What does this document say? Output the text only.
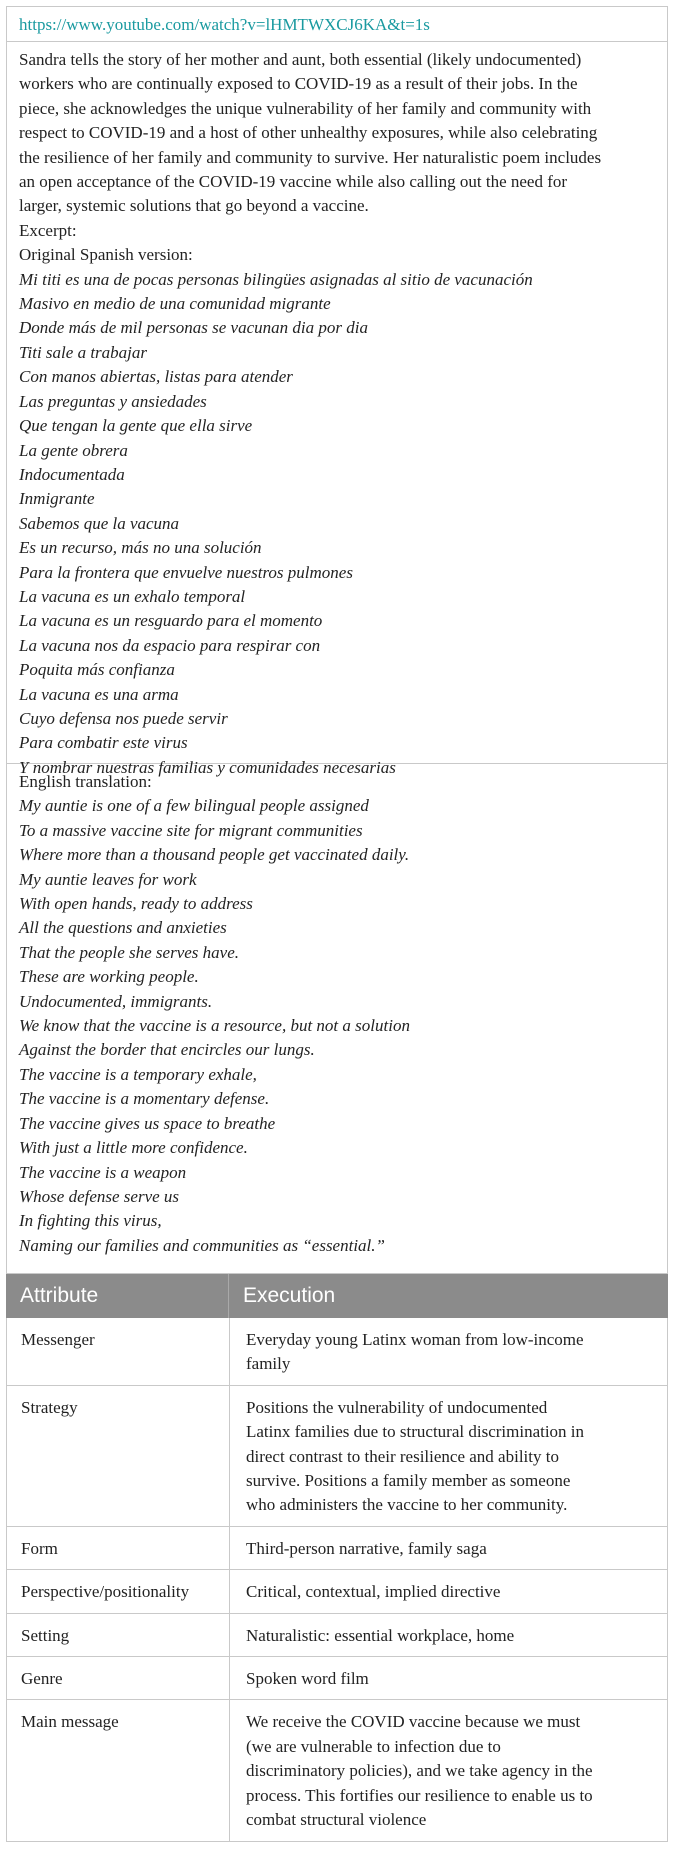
https://www.youtube.com/watch?v=lHMTWXCJ6KA&t=1s
Sandra tells the story of her mother and aunt, both essential (likely undocumented)
workers who are continually exposed to COVID-19 as a result of their jobs. In the
piece, she acknowledges the unique vulnerability of her family and community with
respect to COVID-19 and a host of other unhealthy exposures, while also celebrating
the resilience of her family and community to survive. Her naturalistic poem includes
an open acceptance of the COVID-19 vaccine while also calling out the need for
larger, systemic solutions that go beyond a vaccine.
Excerpt:
Original Spanish version:
Mi titi es una de pocas personas bilingües asignadas al sitio de vacunación
Masivo en medio de una comunidad migrante
Donde más de mil personas se vacunan dia por dia
Titi sale a trabajar
Con manos abiertas, listas para atender
Las preguntas y ansiedades
Que tengan la gente que ella sirve
La gente obrera
Indocumentada
Inmigrante
Sabemos que la vacuna
Es un recurso, más no una solución
Para la frontera que envuelve nuestros pulmones
La vacuna es un exhalo temporal
La vacuna es un resguardo para el momento
La vacuna nos da espacio para respirar con
Poquita más confianza
La vacuna es una arma
Cuyo defensa nos puede servir
Para combatir este virus
Y nombrar nuestras familias y comunidades necesarias
English translation:
My auntie is one of a few bilingual people assigned
To a massive vaccine site for migrant communities
Where more than a thousand people get vaccinated daily.
My auntie leaves for work
With open hands, ready to address
All the questions and anxieties
That the people she serves have.
These are working people.
Undocumented, immigrants.
We know that the vaccine is a resource, but not a solution
Against the border that encircles our lungs.
The vaccine is a temporary exhale,
The vaccine is a momentary defense.
The vaccine gives us space to breathe
With just a little more confidence.
The vaccine is a weapon
Whose defense serve us
In fighting this virus,
Naming our families and communities as “essential.”
Attribute	Execution
Messenger	Everyday young Latinx woman from low-income
family
Strategy	Positions the vulnerability of undocumented
Latinx families due to structural discrimination in
direct contrast to their resilience and ability to
survive. Positions a family member as someone
who administers the vaccine to her community.
Form	Third-person narrative, family saga
Perspective/positionality	Critical, contextual, implied directive
Setting	Naturalistic: essential workplace, home
Genre	Spoken word film
Main message	We receive the COVID vaccine because we must
(we are vulnerable to infection due to
discriminatory policies), and we take agency in the
process. This fortifies our resilience to enable us to
combat structural violence
